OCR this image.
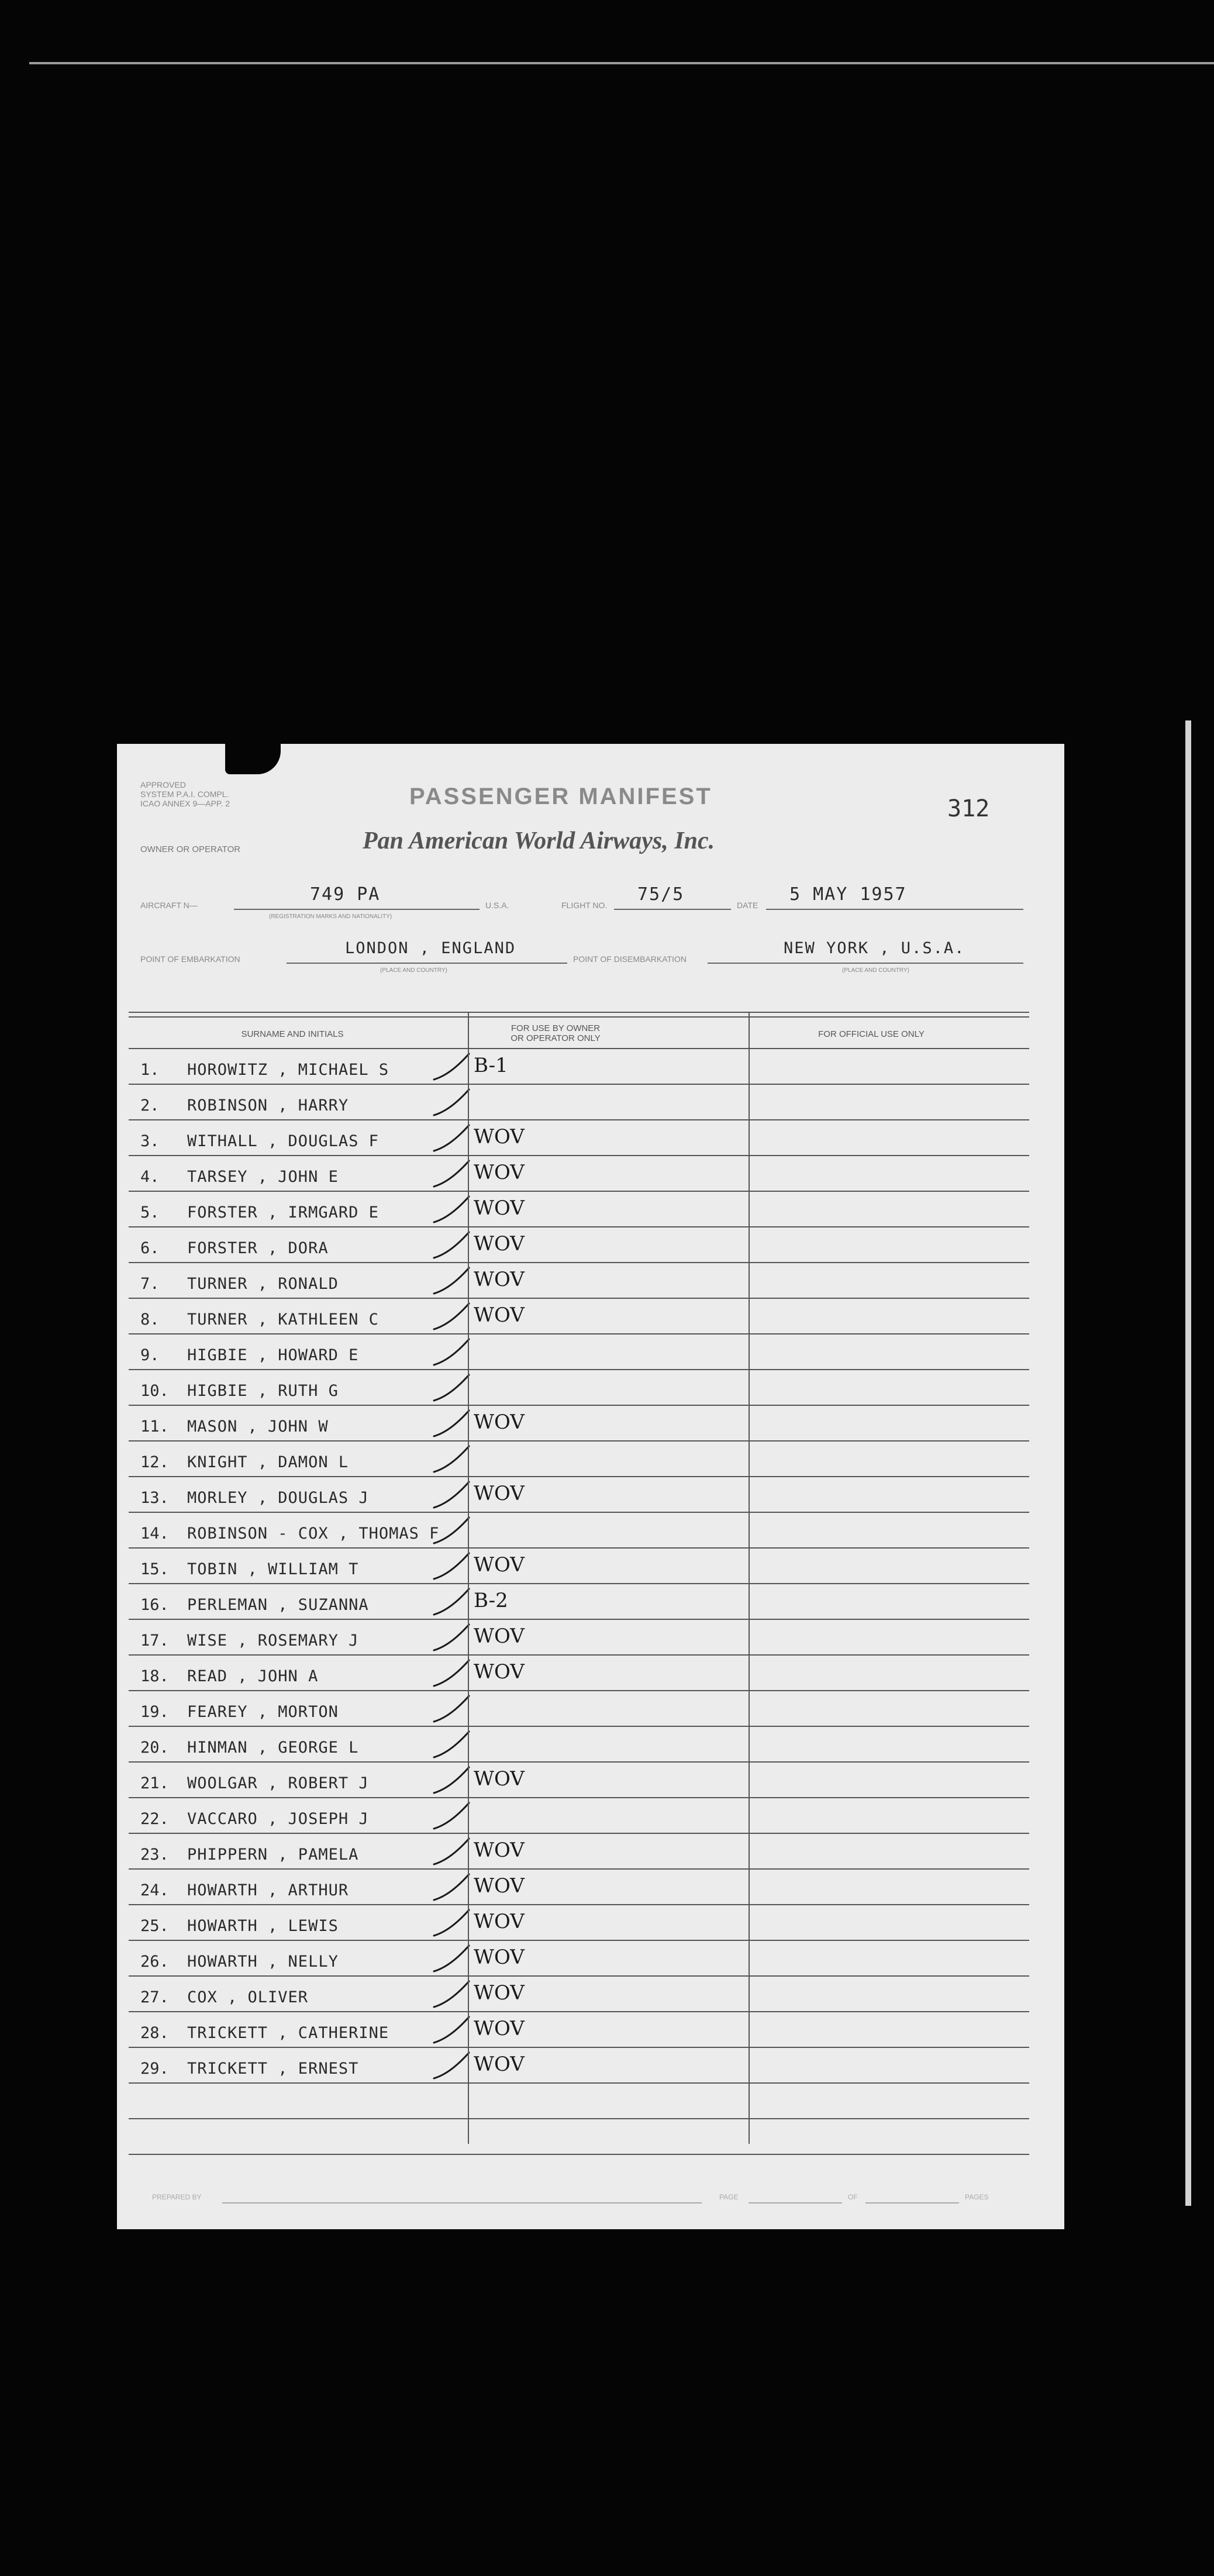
APPROVED
SYSTEM P.A.I. COMPL.
ICAO ANNEX 9—APP. 2
OWNER OR OPERATOR
PASSENGER MANIFEST
Pan American World Airways, Inc.
312
AIRCRAFT N—
749 PA
(REGISTRATION MARKS AND NATIONALITY)
U.S.A.	FLIGHT NO.
75/5
DATE
5 MAY 1957
POINT OF EMBARKATION
LONDON , ENGLAND
(PLACE AND COUNTRY)
POINT OF DISEMBARKATION
NEW YORK , U.S.A.
(PLACE AND COUNTRY)
SURNAME AND INITIALS
FOR USE BY OWNER
OR OPERATOR ONLY	FOR OFFICIAL USE ONLY
1.	HOROWITZ , MICHAEL S	B-1
2.	ROBINSON , HARRY
3.	WITHALL , DOUGLAS F	WOV
4.	TARSEY , JOHN E	WOV
5.	FORSTER , IRMGARD E	WOV
6.	FORSTER , DORA	WOV
7.	TURNER , RONALD	WOV
8.	TURNER , KATHLEEN C	WOV
9.	HIGBIE , HOWARD E
10.	HIGBIE , RUTH G
11.	MASON , JOHN W	WOV
12.	KNIGHT , DAMON L
13.	MORLEY , DOUGLAS J	WOV
14.	ROBINSON - COX , THOMAS F
15.	TOBIN , WILLIAM T	WOV
16.	PERLEMAN , SUZANNA	B-2
17.	WISE , ROSEMARY J	WOV
18.	READ , JOHN A	WOV
19.	FEAREY , MORTON
20.	HINMAN , GEORGE L
21.	WOOLGAR , ROBERT J	WOV
22.	VACCARO , JOSEPH J
23.	PHIPPERN , PAMELA	WOV
24.	HOWARTH , ARTHUR	WOV
25.	HOWARTH , LEWIS	WOV
26.	HOWARTH , NELLY	WOV
27.	COX , OLIVER	WOV
28.	TRICKETT , CATHERINE	WOV
29.	TRICKETT , ERNEST	WOV
PREPARED BY	PAGE	OF	PAGES
